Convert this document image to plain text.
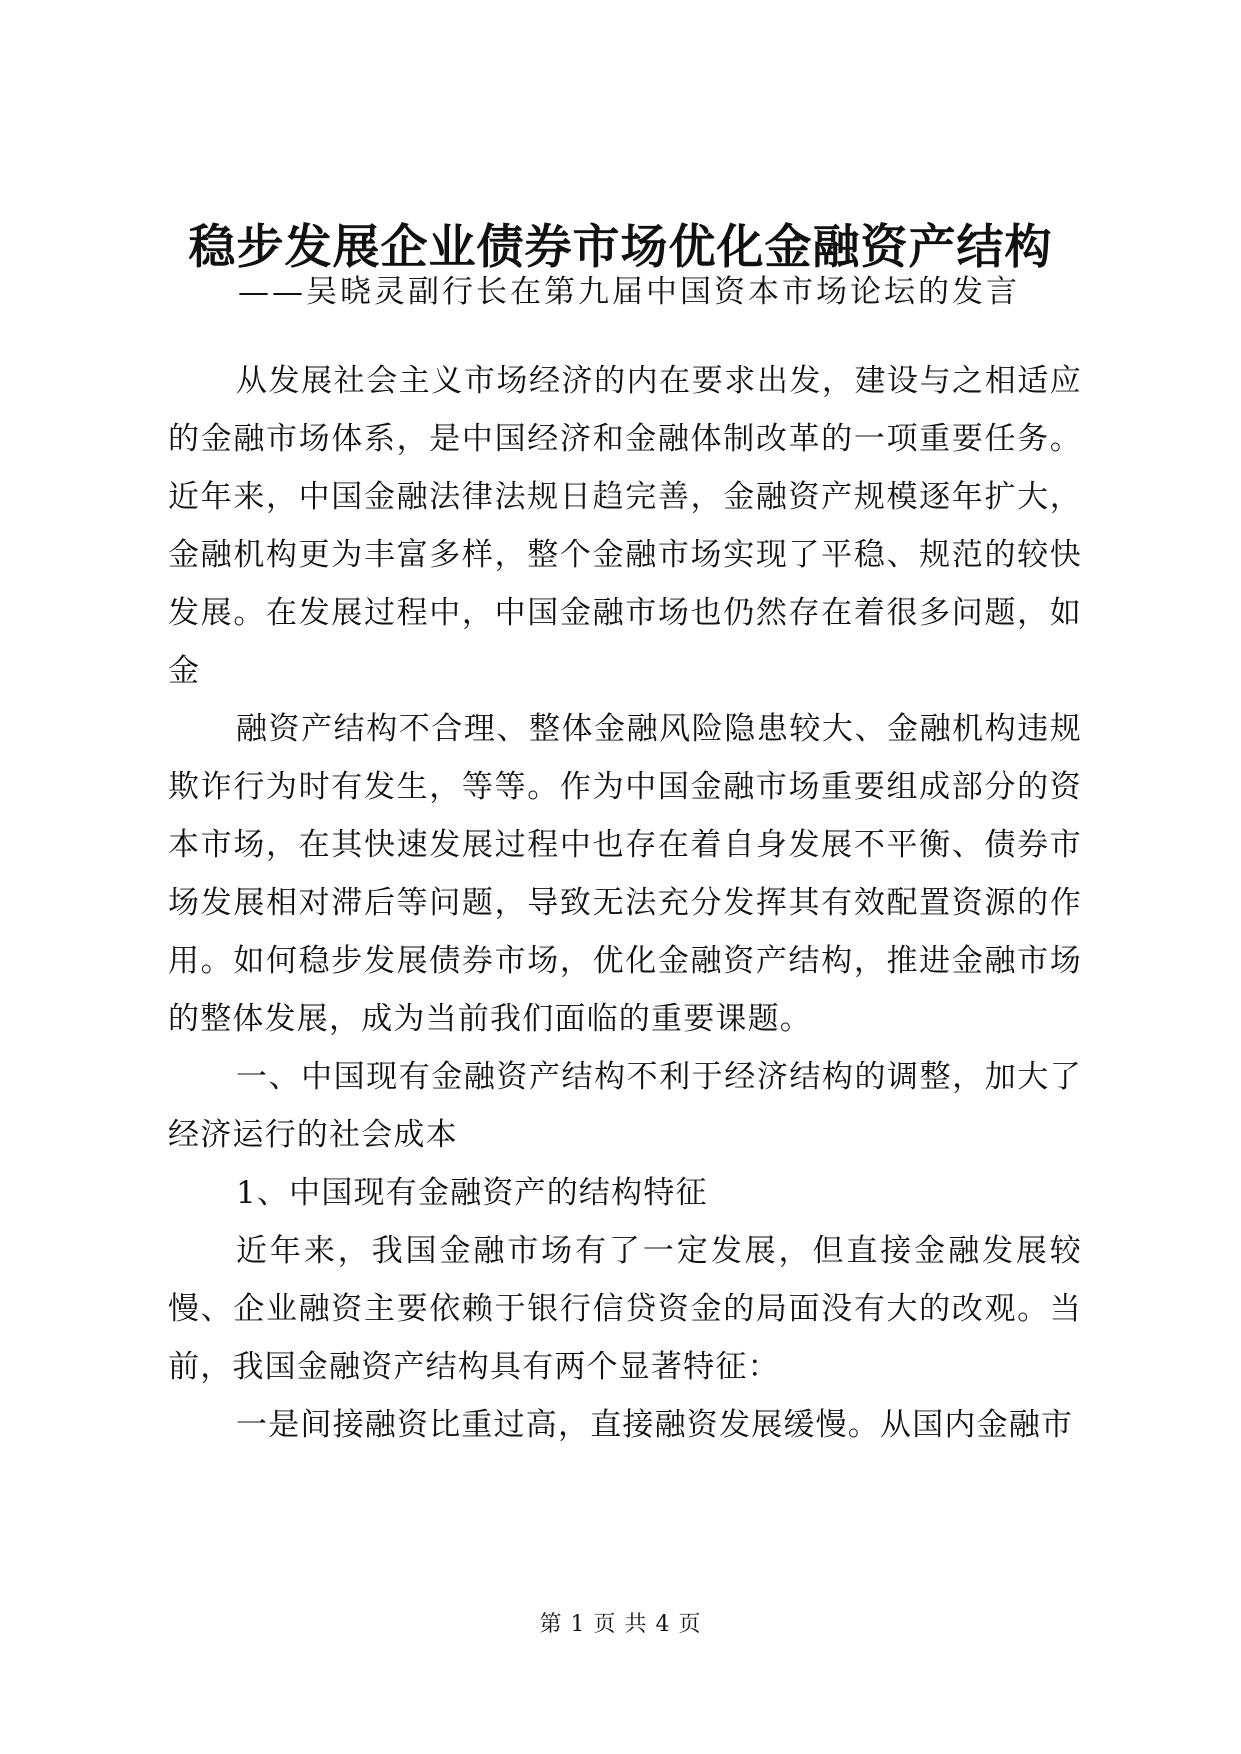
稳步发展企业债券市场优化金融资产结构
——吴晓灵副行长在第九届中国资本市场论坛的发言

从发展社会主义市场经济的内在要求出发，建设与之相适应的金融市场体系，是中国经济和金融体制改革的一项重要任务。近年来，中国金融法律法规日趋完善，金融资产规模逐年扩大，金融机构更为丰富多样，整个金融市场实现了平稳、规范的较快发展。在发展过程中，中国金融市场也仍然存在着很多问题，如金

融资产结构不合理、整体金融风险隐患较大、金融机构违规欺诈行为时有发生，等等。作为中国金融市场重要组成部分的资本市场，在其快速发展过程中也存在着自身发展不平衡、债券市场发展相对滞后等问题，导致无法充分发挥其有效配置资源的作用。如何稳步发展债券市场，优化金融资产结构，推进金融市场的整体发展，成为当前我们面临的重要课题。

一、中国现有金融资产结构不利于经济结构的调整，加大了经济运行的社会成本

1、中国现有金融资产的结构特征

近年来，我国金融市场有了一定发展，但直接金融发展较慢、企业融资主要依赖于银行信贷资金的局面没有大的改观。当前，我国金融资产结构具有两个显著特征：

一是间接融资比重过高，直接融资发展缓慢。从国内金融市

第 1 页 共 4 页
